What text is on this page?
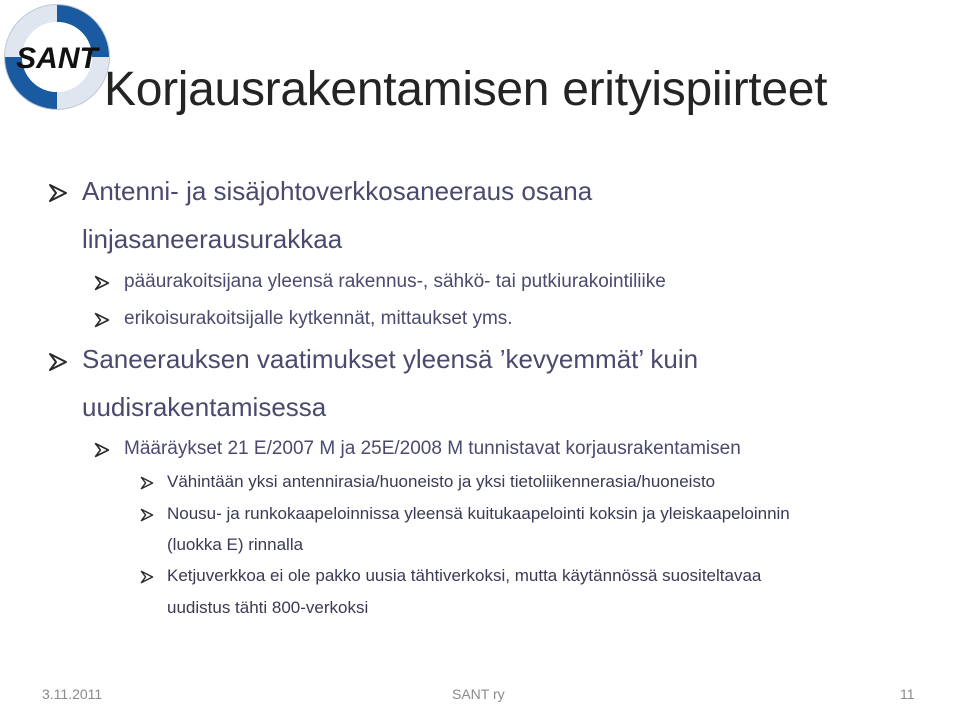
SANT
Korjausrakentamisen erityispiirteet
Antenni- ja sisäjohtoverkkosaneeraus osana
linjasaneerausurakkaa
pääurakoitsijana yleensä rakennus-, sähkö- tai putkiurakointiliike
erikoisurakoitsijalle kytkennät, mittaukset yms.
Saneerauksen vaatimukset yleensä ’kevyemmät’ kuin
uudisrakentamisessa
Määräykset 21 E/2007 M ja 25E/2008 M tunnistavat korjausrakentamisen
Vähintään yksi antennirasia/huoneisto ja yksi tietoliikennerasia/huoneisto
Nousu- ja runkokaapeloinnissa yleensä kuitukaapelointi koksin ja yleiskaapeloinnin
(luokka E) rinnalla
Ketjuverkkoa ei ole pakko uusia tähtiverkoksi, mutta käytännössä suositeltavaa
uudistus tähti 800-verkoksi
3.11.2011	SANT ry	11
